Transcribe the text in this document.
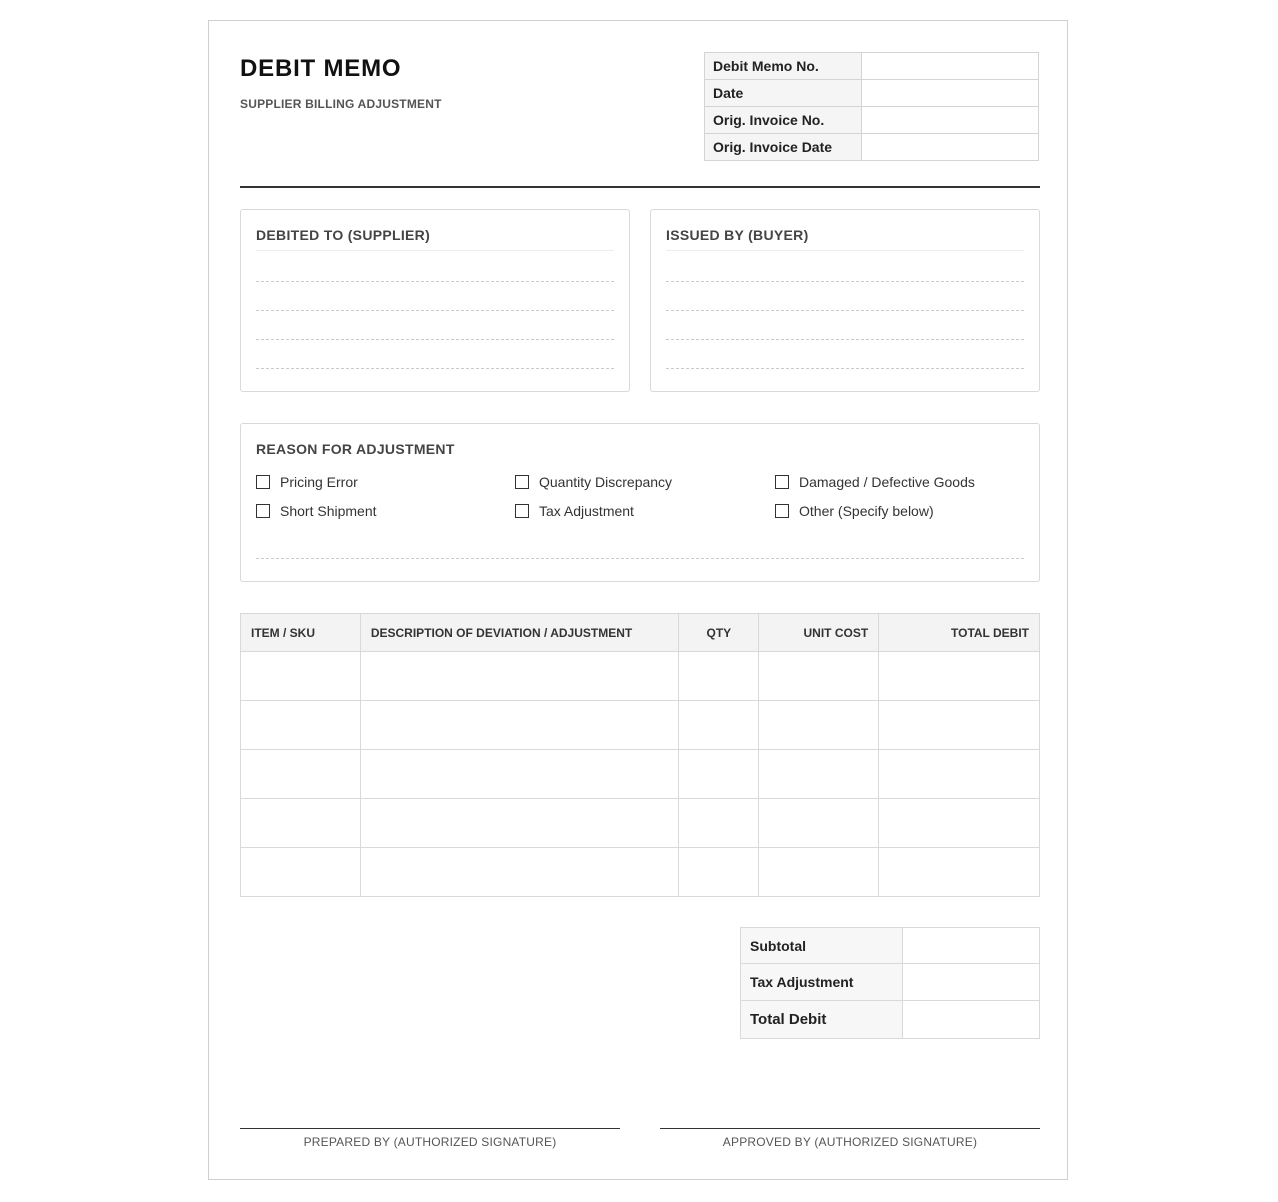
DEBIT MEMO
SUPPLIER BILLING ADJUSTMENT
Debit Memo No.	
Date	
Orig. Invoice No.	
Orig. Invoice Date	
DEBITED TO (SUPPLIER)	ISSUED BY (BUYER)
REASON FOR ADJUSTMENT
Pricing Error	Quantity Discrepancy	Damaged / Defective Goods
Short Shipment	Tax Adjustment	Other (Specify below)
ITEM / SKU	DESCRIPTION OF DEVIATION / ADJUSTMENT	QTY	UNIT COST	TOTAL DEBIT

Subtotal	
Tax Adjustment	
Total Debit	
PREPARED BY (AUTHORIZED SIGNATURE)	APPROVED BY (AUTHORIZED SIGNATURE)
